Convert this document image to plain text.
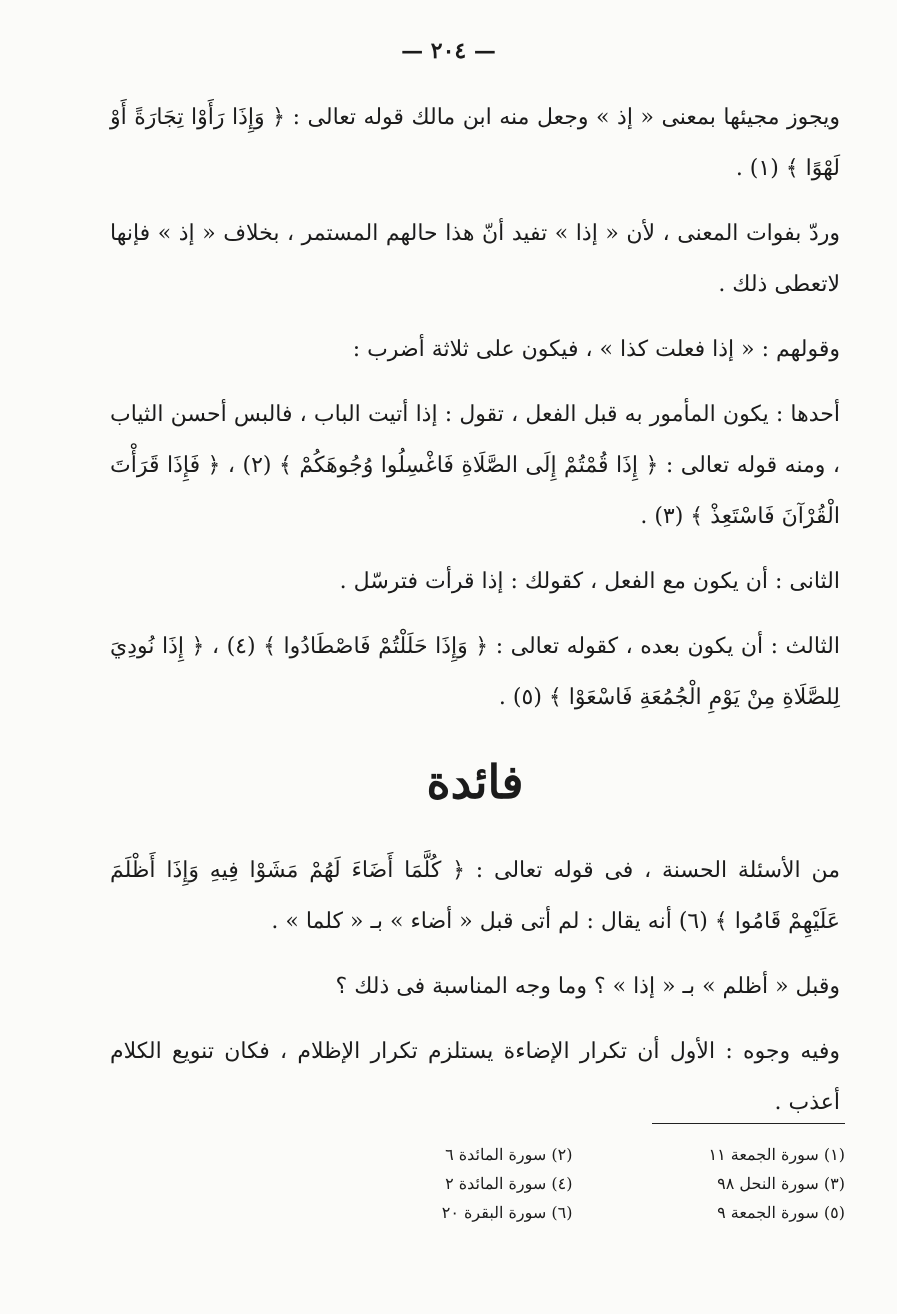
— ٢٠٤ —

ويجوز مجيئها بمعنى « إذ » وجعل منه ابن مالك قوله تعالى : ﴿ وَإِذَا رَأَوْا تِجَارَةً أَوْ لَهْوًا ﴾ (١) .

وردّ بفوات المعنى ، لأن « إذا » تفيد أنّ هذا حالهم المستمر ، بخلاف « إذ » فإنها لاتعطى ذلك .

وقولهم : « إذا فعلت كذا » ، فيكون على ثلاثة أضرب :

أحدها : يكون المأمور به قبل الفعل ، تقول : إذا أتيت الباب ، فالبس أحسن الثياب ، ومنه قوله تعالى : ﴿ إِذَا قُمْتُمْ إِلَى الصَّلَاةِ فَاغْسِلُوا وُجُوهَكُمْ ﴾ (٢) ، ﴿ فَإِذَا قَرَأْتَ الْقُرْآنَ فَاسْتَعِذْ ﴾ (٣) .

الثانى : أن يكون مع الفعل ، كقولك : إذا قرأت فترسّل .

الثالث : أن يكون بعده ، كقوله تعالى : ﴿ وَإِذَا حَلَلْتُمْ فَاصْطَادُوا ﴾ (٤) ، ﴿ إِذَا نُودِيَ لِلصَّلَاةِ مِنْ يَوْمِ الْجُمُعَةِ فَاسْعَوْا ﴾ (٥) .

فائدة

من الأسئلة الحسنة ، فى قوله تعالى : ﴿ كُلَّمَا أَضَاءَ لَهُمْ مَشَوْا فِيهِ وَإِذَا أَظْلَمَ عَلَيْهِمْ قَامُوا ﴾ (٦) أنه يقال : لم أتى قبل « أضاء » بـ « كلما » .

وقبل « أظلم » بـ « إذا » ؟ وما وجه المناسبة فى ذلك ؟

وفيه وجوه : الأول أن تكرار الإضاءة يستلزم تكرار الإظلام ، فكان تنويع الكلام أعذب .

(١) سورة الجمعة ١١
(٣) سورة النحل ٩٨
(٥) سورة الجمعة ٩
(٢) سورة المائدة ٦
(٤) سورة المائدة ٢
(٦) سورة البقرة ٢٠
